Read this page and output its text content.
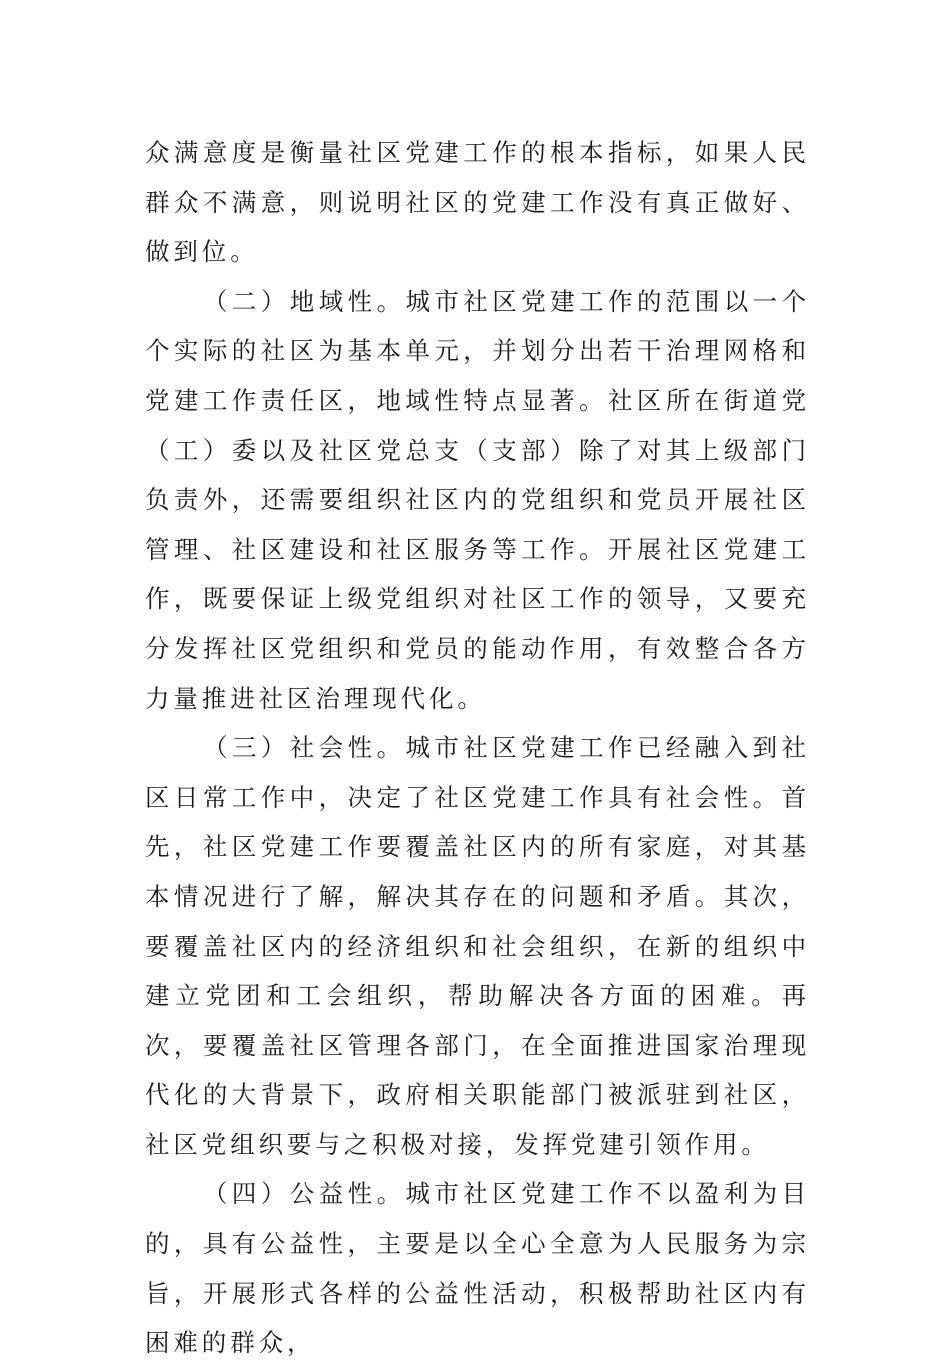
众满意度是衡量社区党建工作的根本指标，如果人民群众不满意，则说明社区的党建工作没有真正做好、做到位。

（二）地域性。城市社区党建工作的范围以一个个实际的社区为基本单元，并划分出若干治理网格和党建工作责任区，地域性特点显著。社区所在街道党（工）委以及社区党总支（支部）除了对其上级部门负责外，还需要组织社区内的党组织和党员开展社区管理、社区建设和社区服务等工作。开展社区党建工作，既要保证上级党组织对社区工作的领导，又要充分发挥社区党组织和党员的能动作用，有效整合各方力量推进社区治理现代化。

（三）社会性。城市社区党建工作已经融入到社区日常工作中，决定了社区党建工作具有社会性。首先，社区党建工作要覆盖社区内的所有家庭，对其基本情况进行了解，解决其存在的问题和矛盾。其次，要覆盖社区内的经济组织和社会组织，在新的组织中建立党团和工会组织，帮助解决各方面的困难。再次，要覆盖社区管理各部门，在全面推进国家治理现代化的大背景下，政府相关职能部门被派驻到社区，社区党组织要与之积极对接，发挥党建引领作用。

（四）公益性。城市社区党建工作不以盈利为目的，具有公益性，主要是以全心全意为人民服务为宗旨，开展形式各样的公益性活动，积极帮助社区内有困难的群众，
